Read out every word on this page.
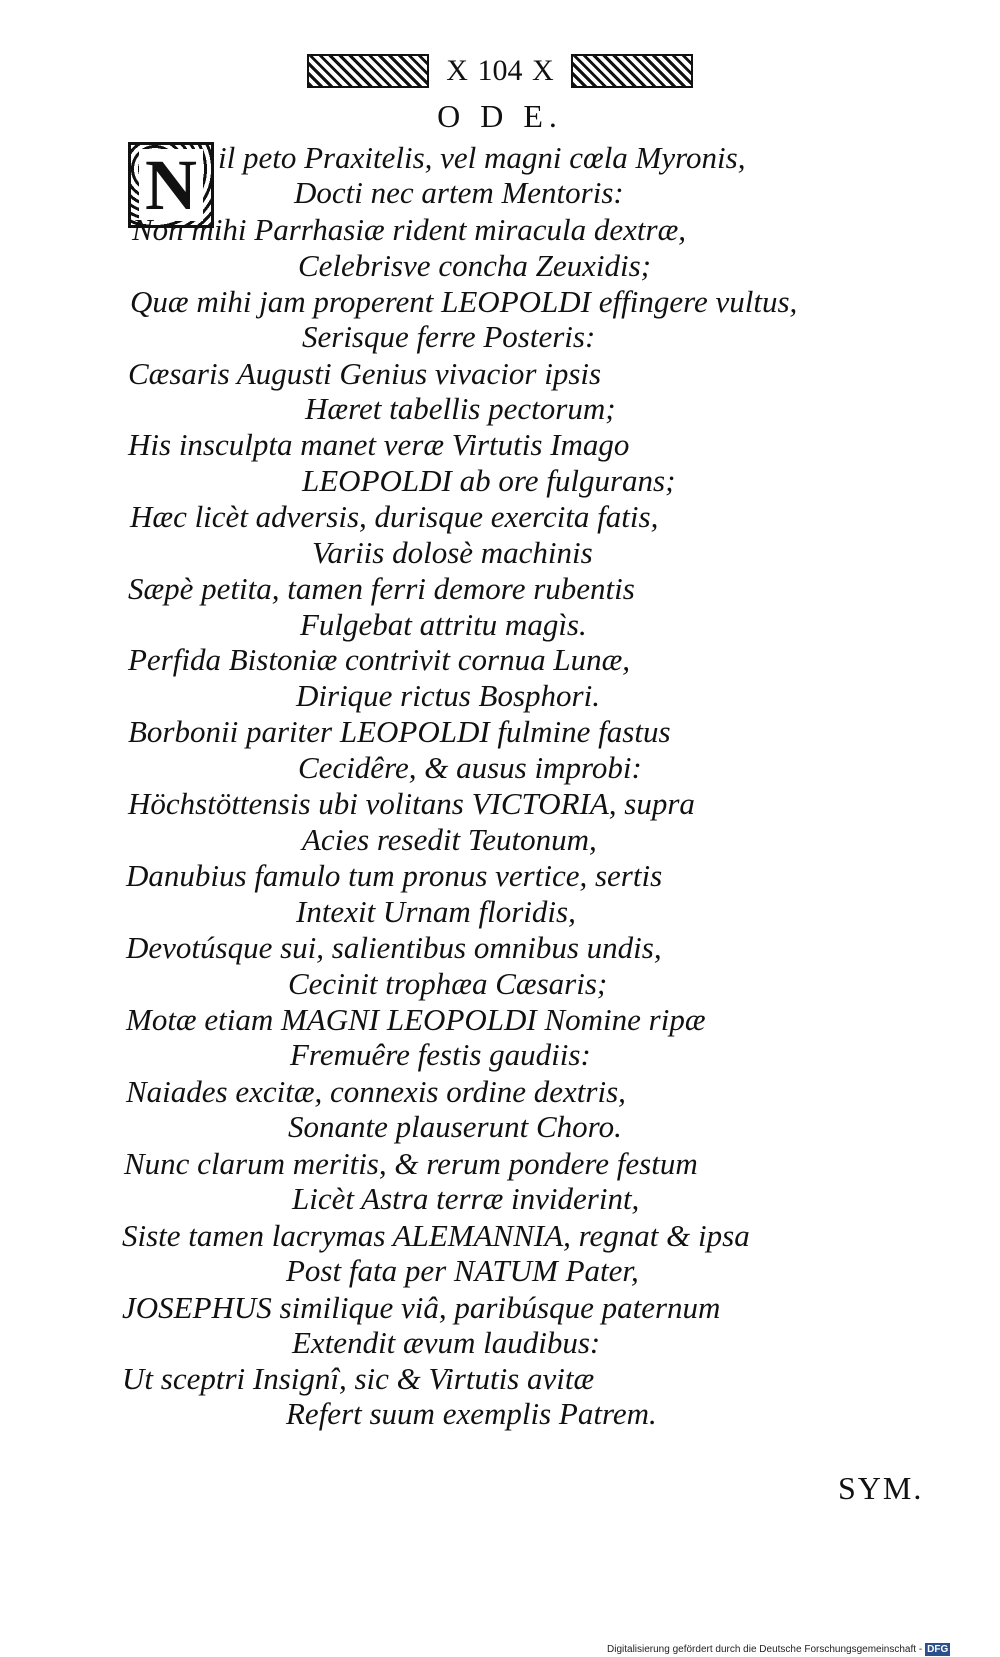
X 104 X
O D E.
N il peto Praxitelis, vel magni cœla Myronis,
Docti nec artem Mentoris:
Non mihi Parrhasiæ rident miracula dextræ,
Celebrisve concha Zeuxidis;
Quæ mihi jam properent LEOPOLDI effingere vultus,
Serisque ferre Posteris:
Cæsaris Augusti Genius vivacior ipsis
Hæret tabellis pectorum;
His insculpta manet veræ Virtutis Imago
LEOPOLDI ab ore fulgurans;
Hæc licèt adversis, durisque exercita fatis,
Variis dolosè machinis
Sæpè petita, tamen ferri demore rubentis
Fulgebat attritu magìs.
Perfida Bistoniæ contrivit cornua Lunæ,
Dirique rictus Bosphori.
Borbonii pariter LEOPOLDI fulmine fastus
Cecidêre, & ausus improbi:
Höchstöttensis ubi volitans VICTORIA, supra
Acies resedit Teutonum,
Danubius famulo tum pronus vertice, sertis
Intexit Urnam floridis,
Devotúsque sui, salientibus omnibus undis,
Cecinit trophæa Cæsaris;
Motæ etiam MAGNI LEOPOLDI Nomine ripæ
Fremuêre festis gaudiis:
Naiades excitæ, connexis ordine dextris,
Sonante plauserunt Choro.
Nunc clarum meritis, & rerum pondere festum
Licèt Astra terræ inviderint,
Siste tamen lacrymas ALEMANNIA, regnat & ipsa
Post fata per NATUM Pater,
JOSEPHUS similique viâ, paribúsque paternum
Extendit ævum laudibus:
Ut sceptri Insignî, sic & Virtutis avitæ
Refert suum exemplis Patrem.
SYM.
Digitalisierung gefördert durch die Deutsche Forschungsgemeinschaft - DFG
